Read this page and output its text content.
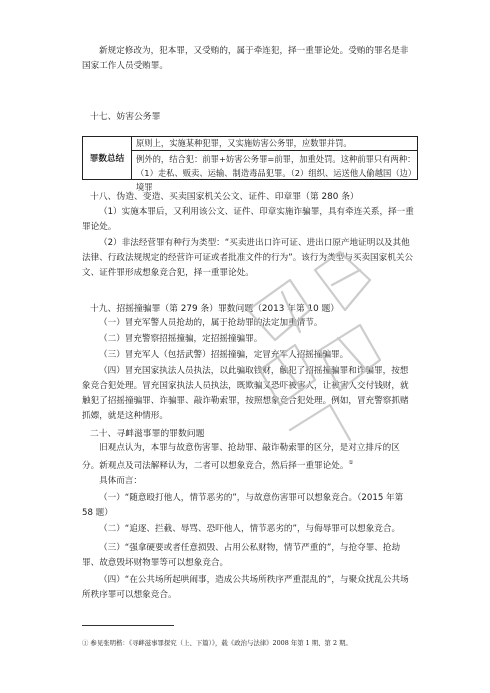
新规定修改为，犯本罪，又受贿的，属于牵连犯，择一重罪论处。受贿的罪名是非国家工作人员受贿罪。

十七、妨害公务罪

罪数总结
原则上，实施某种犯罪，又实施妨害公务罪，应数罪并罚。
例外的，结合犯：前罪+妨害公务罪=前罪，加重处罚。这种前罪只有两种：（1）走私、贩卖、运输、制造毒品犯罪。（2）组织、运送他人偷越国（边）境罪

十八、伪造、变造、买卖国家机关公文、证件、印章罪（第 280 条）

（1）实施本罪后，又利用该公文、证件、印章实施诈骗罪，具有牵连关系，择一重罪论处。

（2）非法经营罪有种行为类型：“买卖进出口许可证、进出口原产地证明以及其他法律、行政法规规定的经营许可证或者批准文件的行为”。该行为类型与买卖国家机关公文、证件罪形成想象竞合犯，择一重罪论处。

十九、招摇撞骗罪（第 279 条）罪数问题（2013 年第 10 题）

（一）冒充军警人员抢劫的，属于抢劫罪的法定加重情节。

（二）冒充警察招摇撞骗，定招摇撞骗罪。

（三）冒充军人（包括武警）招摇撞骗，定冒充军人招摇撞骗罪。

（四）冒充国家执法人员执法，以此骗取钱财，触犯了招摇撞骗罪和诈骗罪，按想象竞合犯处理。冒充国家执法人员执法，既欺骗又恐吓被害人，让被害人交付钱财，就触犯了招摇撞骗罪、诈骗罪、敲诈勒索罪，按照想象竞合犯处理。例如，冒充警察抓赌抓嫖，就是这种情形。

二十、寻衅滋事罪的罪数问题

旧观点认为，本罪与故意伤害罪、抢劫罪、敲诈勒索罪的区分，是对立排斥的区分。新观点及司法解释认为，二者可以想象竞合，然后择一重罪论处。①

具体而言：

（一）“随意殴打他人，情节恶劣的”，与故意伤害罪可以想象竞合。（2015 年第 58 题）

（二）“追逐、拦截、辱骂、恐吓他人，情节恶劣的”，与侮辱罪可以想象竞合。

（三）“强拿硬要或者任意损毁、占用公私财物，情节严重的”，与抢夺罪、抢劫罪、故意毁坏财物罪等可以想象竞合。

（四）“在公共场所起哄闹事，造成公共场所秩序严重混乱的”，与聚众扰乱公共场所秩序罪可以想象竞合。

① 参见张明楷：《寻衅滋事罪探究（上、下篇）》，载《政治与法律》2008 年第 1 期、第 2 期。
